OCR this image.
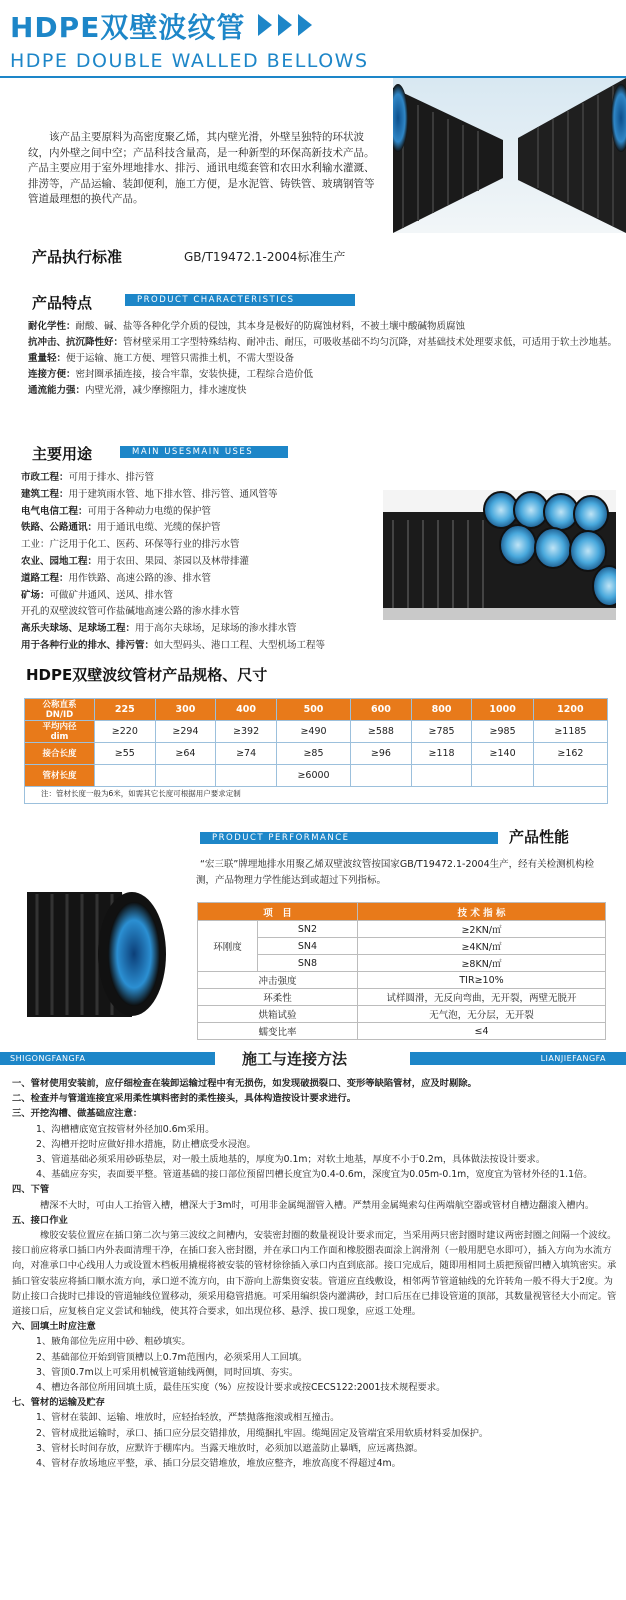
HDPE双壁波纹管
HDPE DOUBLE WALLED BELLOWS
该产品主要原料为高密度聚乙烯，其内壁光滑，外壁呈独特的环状波纹，内外壁之间中空；产品科技含量高，是一种新型的环保高新技术产品。产品主要应用于室外埋地排水、排污、通讯电缆套管和农田水利输水灌溉、排涝等，产品运输、装卸便利，施工方便，是水泥管、铸铁管、玻璃钢管等管道最理想的换代产品。
产品执行标准	GB/T19472.1-2004标准生产
产品特点	PRODUCT CHARACTERISTICS
耐化学性：耐酸、碱、盐等各种化学介质的侵蚀，其本身是极好的防腐蚀材料，不被土壤中酸碱物质腐蚀
抗冲击、抗沉降性好：管材壁采用工字型特殊结构、耐冲击、耐压，可吸收基础不均匀沉降，对基础技术处理要求低，可适用于软土沙地基。
重量轻：便于运输、施工方便、埋管只需推土机，不需大型设备
连接方便：密封圈承插连接，接合牢靠，安装快捷，工程综合造价低
通流能力强：内壁光滑，减少摩擦阻力，排水速度快
主要用途	MAIN USESMAIN USES
市政工程：可用于排水、排污管
建筑工程：用于建筑雨水管、地下排水管、排污管、通风管等
电气电信工程：可用于各种动力电缆的保护管
铁路、公路通讯：用于通讯电缆、光缆的保护管
工业：广泛用于化工、医药、环保等行业的排污水管
农业、园地工程：用于农田、果园、茶园以及林带排灌
道路工程：用作铁路、高速公路的渗、排水管
矿场：可做矿井通风、送风、排水管
开孔的双壁波纹管可作盐碱地高速公路的渗水排水管
高乐夫球场、足球场工程：用于高尔夫球场，足球场的渗水排水管
用于各种行业的排水、排污管：如大型码头、港口工程、大型机场工程等
HDPE双壁波纹管材产品规格、尺寸
公称直系
DN/ID	225	300	400	500	600	800	1000	1200
平均内径
dim	≥220	≥294	≥392	≥490	≥588	≥785	≥985	≥1185
接合长度	≥55	≥64	≥74	≥85	≥96	≥118	≥140	≥162
管材长度				≥6000				
注：管材长度一般为6米，如需其它长度可根据用户要求定制
PRODUCT PERFORMANCE	产品性能
“宏三联”牌埋地排水用聚乙烯双壁波纹管按国家GB/T19472.1-2004生产，经有关检测机构检测，产品物理力学性能达到或超过下列指标。
项　目		技 术 指 标
环刚度	SN2	≥2KN/㎡
	SN4	≥4KN/㎡
	SN8	≥8KN/㎡
冲击强度		TIR≥10%
环柔性		试样圆滑，无反向弯曲，无开裂，两壁无脱开
烘箱试验		无气泡，无分层，无开裂
蠕变比率		≤4
SHIGONGFANGFA	LIANJIEFANGFA
施工与连接方法

一、管材使用安装前，应仔细检查在装卸运输过程中有无损伤，如发现破损裂口、变形等缺陷管材，应及时剔除。

二、检查并与管道连接宜采用柔性填料密封的柔性接头，具体构造按设计要求进行。

三、开挖沟槽、做基础应注意：

1、沟槽槽底宽宜按管材外径加0.6m采用。

2、沟槽开挖时应做好排水措施，防止槽底受水浸泡。

3、管道基础必须采用砂砾垫层，对一般土质地基的，厚度为0.1m；对软土地基，厚度不小于0.2m，具体做法按设计要求。

4、基础应夯实，表面要平整。管道基础的接口部位预留凹槽长度宜为0.4-0.6m，深度宜为0.05m-0.1m，宽度宜为管材外径的1.1倍。

四、下管

槽深不大时，可由人工抬管入槽，槽深大于3m时，可用非金属绳溜管入槽。严禁用金属绳索勾住两端航空器或管材自槽边翻滚入槽内。

五、接口作业

橡胶安装位置应在插口第二次与第三波纹之间槽内，安装密封圈的数量视设计要求而定，当采用两只密封圈时建议两密封圈之间隔一个波纹。接口前应将承口插口内外表面清理干净，在插口套入密封圈，并在承口内工作面和橡胶圈表面涂上润滑剂（一般用肥皂水即可），插入方向为水流方向，对准承口中心线用人力或设置木档板用撬棍将被安装的管材徐徐插入承口内直到底部。接口完成后，随即用相同土质把预留凹槽入填筑密实。承插口管安装应将插口顺水流方向，承口逆不流方向，由下游向上游集资安装。管道应直线敷设，相邻两节管道轴线的允许转角一般不得大于2度。为防止接口合拢时已排设的管道轴线位置移动，须采用稳管措施。可采用编织袋内灌满砂，封口后压在已排设管道的顶部，其数量视管径大小而定。管道接口后，应复核自定义尝试和轴线，使其符合要求，如出现位移、悬浮、拔口现象，应返工处理。

六、回填土时应注意

1、腋角部位先应用中砂、粗砂填实。

2、基础部位开始到管顶槽以上0.7m范围内，必须采用人工回填。

3、管顶0.7m以上可采用机械管道轴线两侧，同时回填、夯实。

4、槽边各部位所用回填土质，最佳压实度（%）应按设计要求或按CECS122:2001技术规程要求。

七、管材的运输及贮存

1、管材在装卸、运输、堆放时，应轻抬轻放，严禁抛落拖滚或相互撞击。

2、管材成批运输时，承口、插口应分层交错排放，用缆捆扎牢固。缆绳固定及管端宜采用软质材料妥加保护。

3、管材长时间存放，应默许于棚库内。当露天堆放时，必须加以遮盖防止暴晒，应远离热源。

4、管材存放场地应平整，承、插口分层交错堆放，堆放应整齐，堆放高度不得超过4m。
